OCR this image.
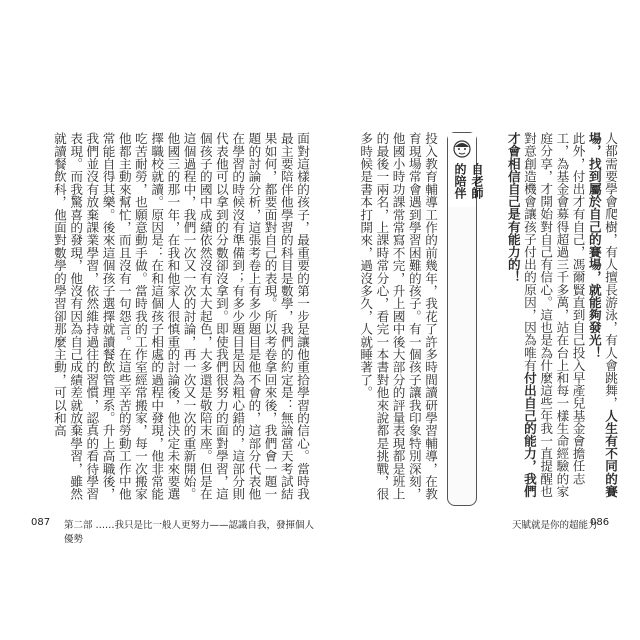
面對這樣的孩子，最重要的第一步是讓他重拾學習的信心。當時我最主要陪伴他學習的科目是數學，我們的約定是：無論當天考試結果如何，都要面對自己的表現。所以考卷拿回來後，我們會一題一題的討論分析，這張考卷上有多少題目是他不會的，這部分代表他在學習的時候沒有準備到；有多少題目是因為粗心錯的，這部分則代表他可以拿到的分數卻沒拿到。即使我們很努力的面對學習，這個孩子的國中成績依然沒有太大起色，大多還是敬陪末座。但是在這個過程中，我們一次又一次的討論，再一次又一次的重新開始。他國三的那一年，在我和他家人很慎重的討論後，他決定未來要選擇職校就讀。原因是：在和這個孩子相處的過程中發現，他非常能吃苦耐勞，也願意動手做。當時我的工作室經常搬家，每一次搬家他都主動來幫忙，而且沒有一句怨言。在這些辛苦的勞動工作中他常能自得其樂。後來這個孩子選擇就讀餐飲管理系。升上高職後，我們並沒有放棄課業學習，依然維持過往的習慣，認真的看待學習表現。而我驚喜的發現，他沒有因為自己成績差就放棄學習，雖然就讀餐飲科，他面對數學的學習卻那麼主動，可以和高
087 第二部 ……我只是比一般人更努力——認識自我，發揮個人優勢
人都需要學會爬樹，有人擅長游泳，有人會跳舞，人生有不同的賽場，找到屬於自己的賽場，就能夠發光！
此外，付出才有自己，馮爾賢直到自己投入早產兒基金會擔任志工，為基金會募得超過三千多萬，站在台上和每一樣生命經驗的家庭分享，才開始對自己有信心。這也是為什麼這些年我一直提醒也對意創造機會讓孩子付出的原因，因為唯有付出自己的能力，我們才會相信自己是有能力的！
自老師的陪伴
投入教育輔導工作的前幾年，我花了許多時間讀研學習輔導，在教育現場常會遇到學習困難的孩子。有一個孩子讓我印象特別深刻，他國小時功課常常寫不完，升上國中後大部分的評量表現都是班上的最後一兩名，上課時常分心，看完一本書對他來說都是挑戰，很多時候是書本打開來，過沒多久，人就睡著了。
天賦就是你的超能力
086
